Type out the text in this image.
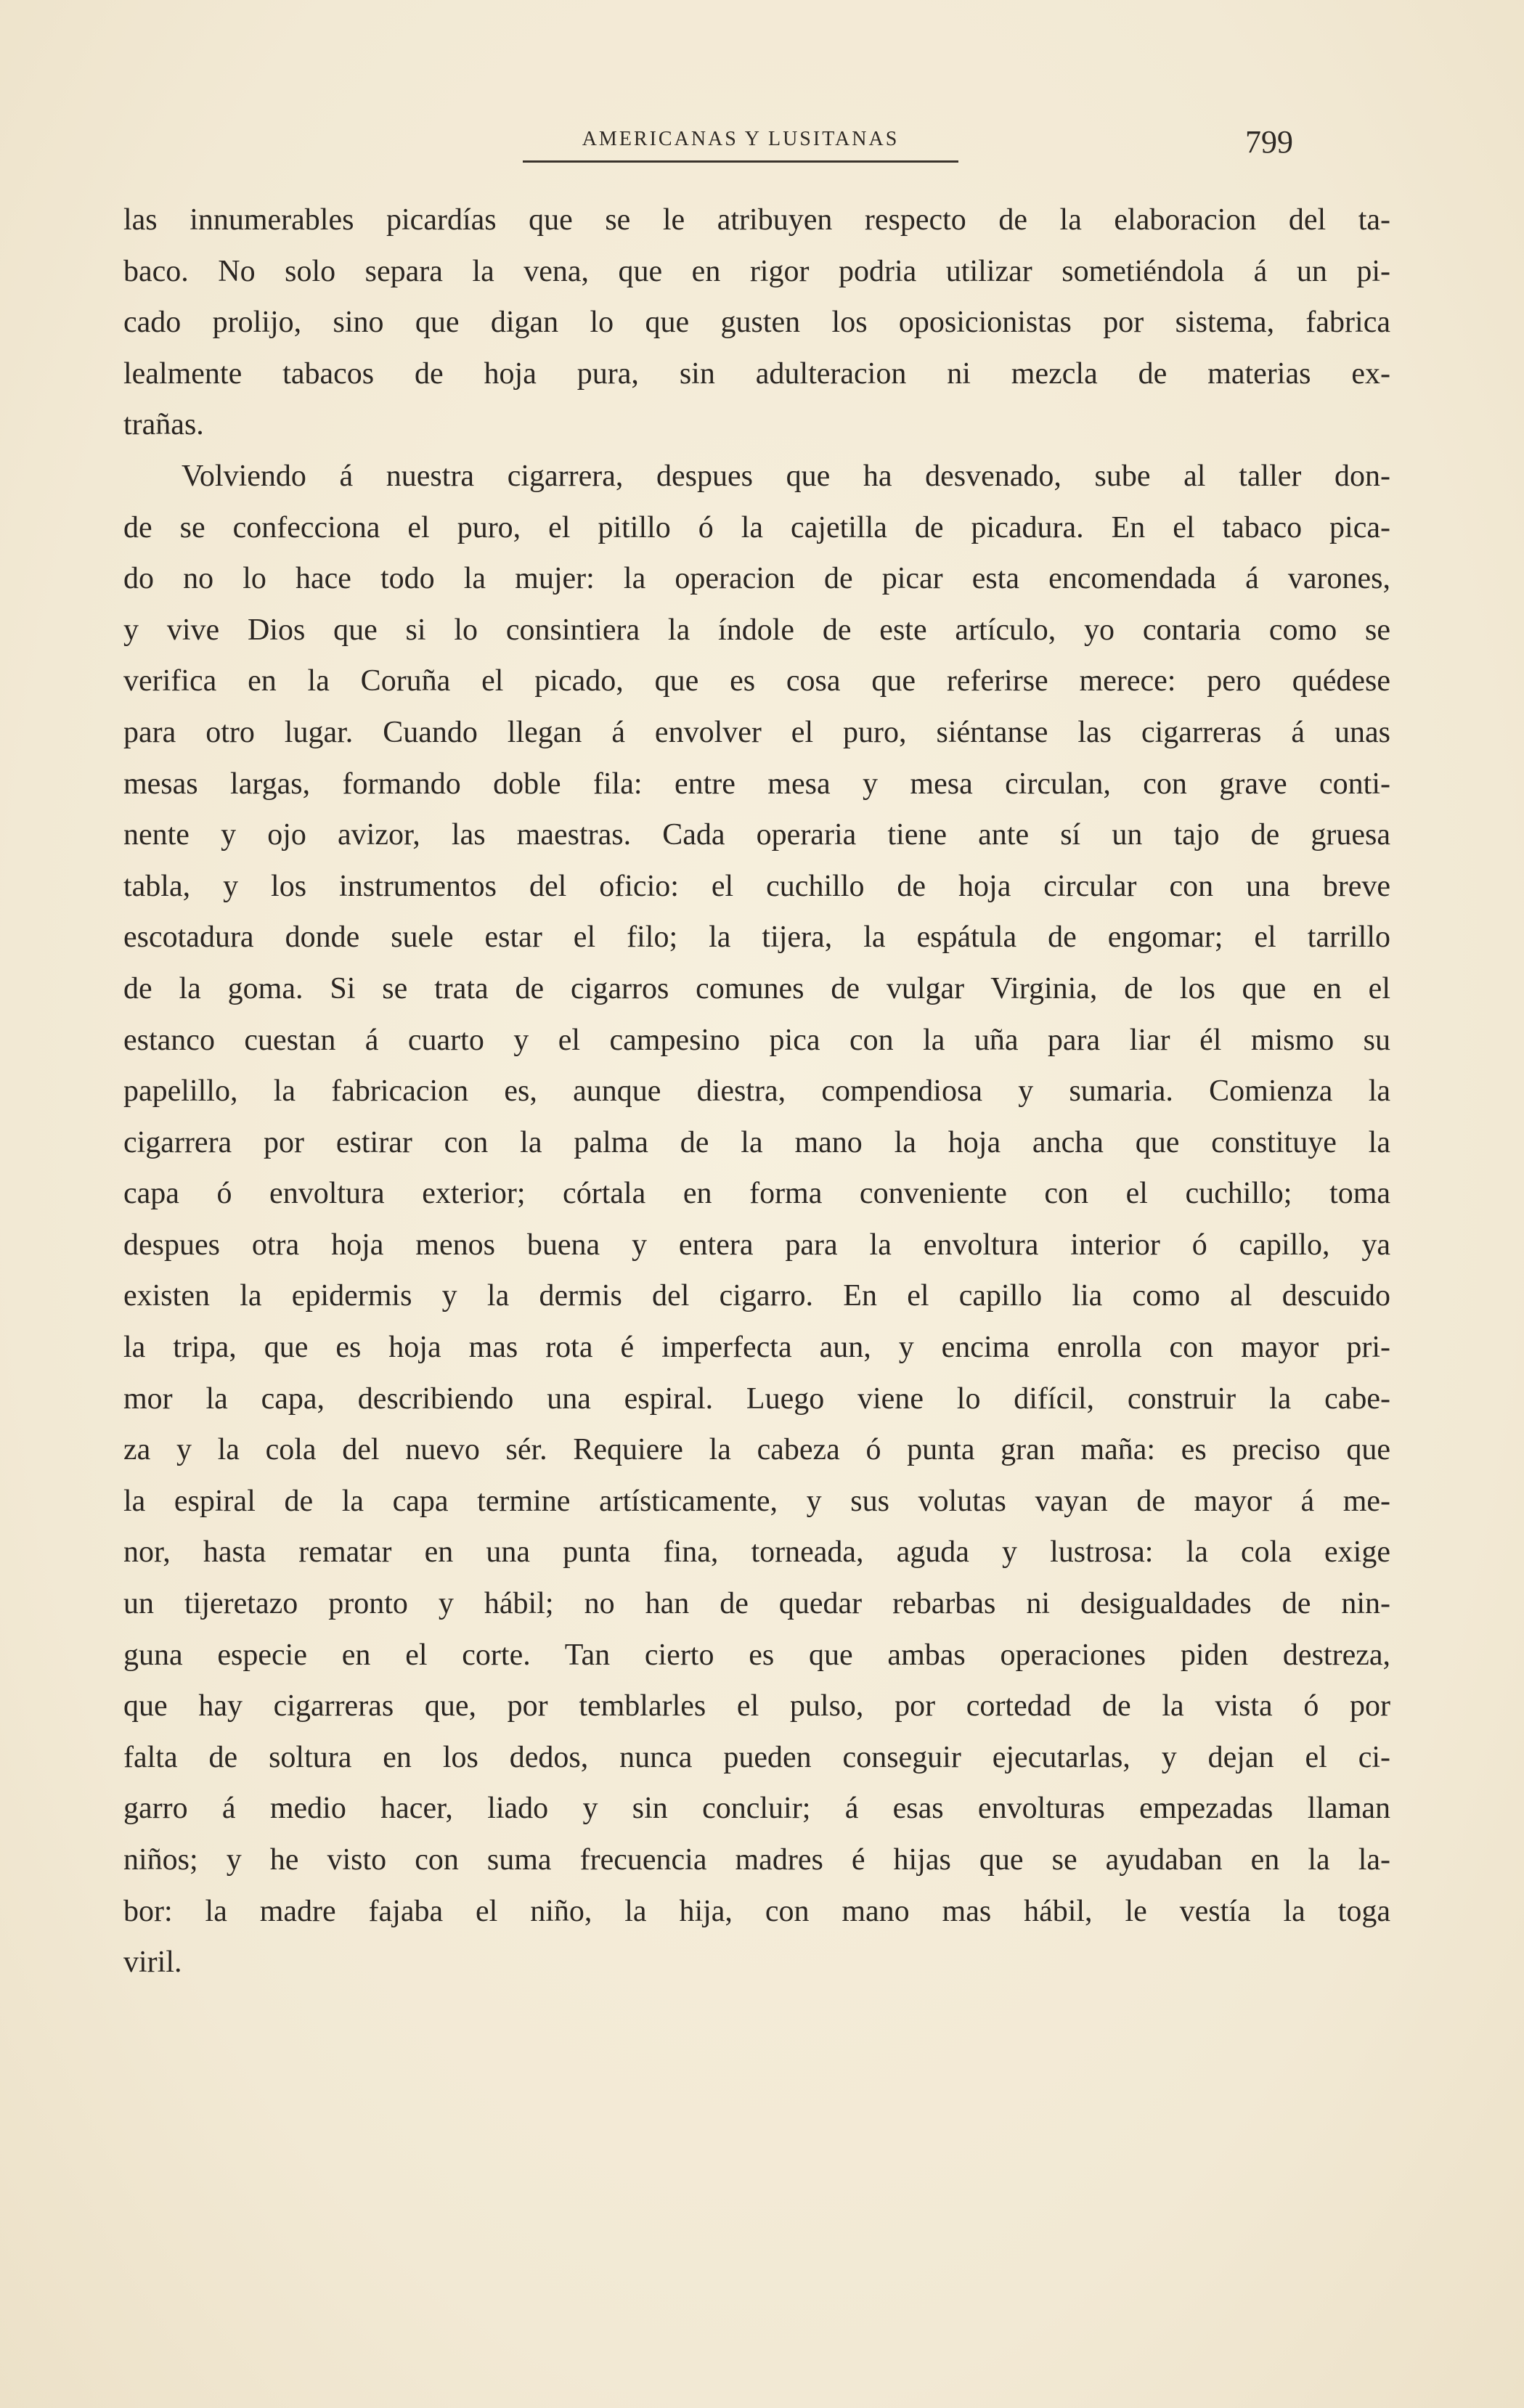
AMERICANAS Y LUSITANAS	799
las innumerables picardías que se le atribuyen respecto de la elaboracion del ta-
baco. No solo separa la vena, que en rigor podria utilizar sometiéndola á un pi-
cado prolijo, sino que digan lo que gusten los oposicionistas por sistema, fabrica
lealmente tabacos de hoja pura, sin adulteracion ni mezcla de materias ex-
trañas.
Volviendo á nuestra cigarrera, despues que ha desvenado, sube al taller don-
de se confecciona el puro, el pitillo ó la cajetilla de picadura. En el tabaco pica-
do no lo hace todo la mujer: la operacion de picar esta encomendada á varones,
y vive Dios que si lo consintiera la índole de este artículo, yo contaria como se
verifica en la Coruña el picado, que es cosa que referirse merece: pero quédese
para otro lugar. Cuando llegan á envolver el puro, siéntanse las cigarreras á unas
mesas largas, formando doble fila: entre mesa y mesa circulan, con grave conti-
nente y ojo avizor, las maestras. Cada operaria tiene ante sí un tajo de gruesa
tabla, y los instrumentos del oficio: el cuchillo de hoja circular con una breve
escotadura donde suele estar el filo; la tijera, la espátula de engomar; el tarrillo
de la goma. Si se trata de cigarros comunes de vulgar Virginia, de los que en el
estanco cuestan á cuarto y el campesino pica con la uña para liar él mismo su
papelillo, la fabricacion es, aunque diestra, compendiosa y sumaria. Comienza la
cigarrera por estirar con la palma de la mano la hoja ancha que constituye la
capa ó envoltura exterior; córtala en forma conveniente con el cuchillo; toma
despues otra hoja menos buena y entera para la envoltura interior ó capillo, ya
existen la epidermis y la dermis del cigarro. En el capillo lia como al descuido
la tripa, que es hoja mas rota é imperfecta aun, y encima enrolla con mayor pri-
mor la capa, describiendo una espiral. Luego viene lo difícil, construir la cabe-
za y la cola del nuevo sér. Requiere la cabeza ó punta gran maña: es preciso que
la espiral de la capa termine artísticamente, y sus volutas vayan de mayor á me-
nor, hasta rematar en una punta fina, torneada, aguda y lustrosa: la cola exige
un tijeretazo pronto y hábil; no han de quedar rebarbas ni desigualdades de nin-
guna especie en el corte. Tan cierto es que ambas operaciones piden destreza,
que hay cigarreras que, por temblarles el pulso, por cortedad de la vista ó por
falta de soltura en los dedos, nunca pueden conseguir ejecutarlas, y dejan el ci-
garro á medio hacer, liado y sin concluir; á esas envolturas empezadas llaman
niños; y he visto con suma frecuencia madres é hijas que se ayudaban en la la-
bor: la madre fajaba el niño, la hija, con mano mas hábil, le vestía la toga
viril.
